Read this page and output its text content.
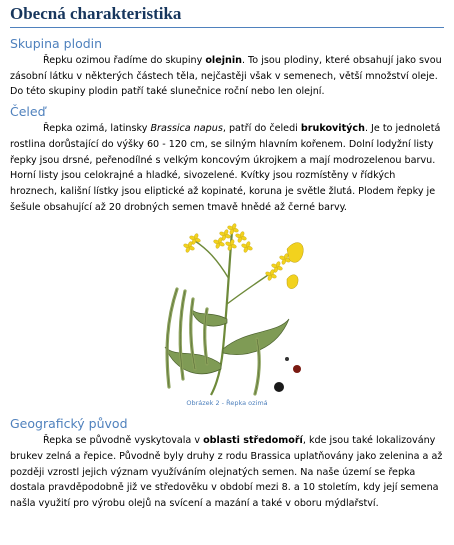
Obecná charakteristika
Skupina plodin

Řepku ozimou řadíme do skupiny olejnin. To jsou plodiny, které obsahují jako svou zásobní látku v některých částech těla, nejčastěji však v semenech, větší množství oleje. Do této skupiny plodin patří také slunečnice roční nebo len olejní.

Čeleď

Řepka ozimá, latinsky Brassica napus, patří do čeledi brukovitých. Je to jednoletá rostlina dorůstající do výšky 60 - 120 cm, se silným hlavním kořenem. Dolní lodyžní listy řepky jsou drsné, peřenodílné s velkým koncovým úkrojkem a mají modrozelenou barvu. Horní listy jsou celokrajné a hladké, sivozelené. Kvítky jsou rozmístěny v řídkých hroznech, kališní lístky jsou eliptické až kopinaté, koruna je světle žlutá. Plodem řepky je šešule obsahující až 20 drobných semen tmavě hnědé až černé barvy.

Obrázek 2 - Řepka ozimá
Geografický původ

Řepka se původně vyskytovala v oblasti středomoří, kde jsou také lokalizovány brukev zelná a řepice. Původně byly druhy z rodu Brassica uplatňovány jako zelenina a až později vzrostl jejich význam využíváním olejnatých semen. Na naše území se řepka dostala pravděpodobně již ve středověku v období mezi 8. a 10 stoletím, kdy její semena našla využití pro výrobu olejů na svícení a mazání a také v oboru mýdlařství.
